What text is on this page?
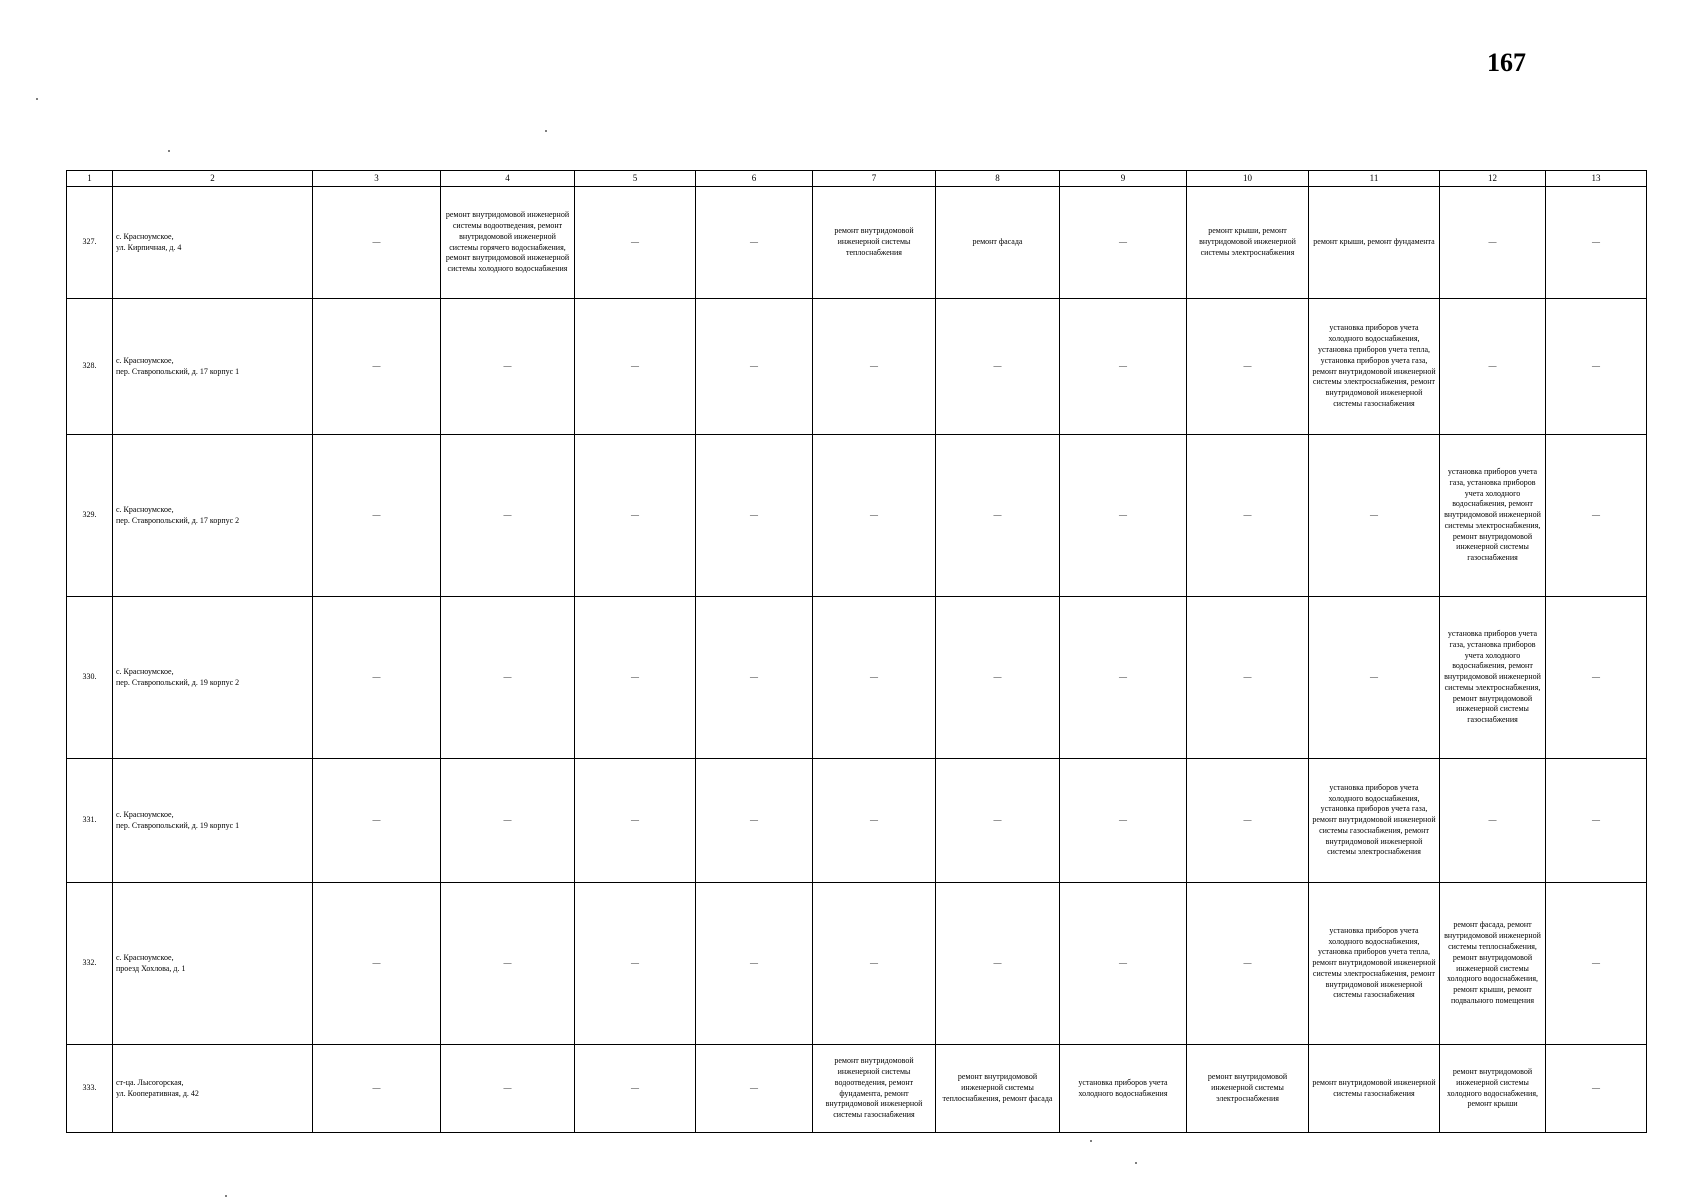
167
1	2	3	4	5	6	7	8	9	10	11	12	13
327.	с. Красноумское,
ул. Кирпичная, д. 4	—	ремонт внутридомовой инженерной системы водоотведения, ремонт внутридомовой инженерной системы горячего водоснабжения, ремонт внутридомовой инженерной системы холодного водоснабжения	—	—	ремонт внутридомовой инженерной системы теплоснабжения	ремонт фасада	—	ремонт крыши, ремонт внутридомовой инженерной системы электроснабжения	ремонт крыши, ремонт фундамента	—	—
328.	с. Красноумское,
пер. Ставропольский, д. 17 корпус 1	—	—	—	—	—	—	—	—	установка приборов учета холодного водоснабжения, установка приборов учета тепла, установка приборов учета газа, ремонт внутридомовой инженерной системы электроснабжения, ремонт внутридомовой инженерной системы газоснабжения	—	—
329.	с. Красноумское,
пер. Ставропольский, д. 17 корпус 2	—	—	—	—	—	—	—	—	—	установка приборов учета газа, установка приборов учета холодного водоснабжения, ремонт внутридомовой инженерной системы электроснабжения, ремонт внутридомовой инженерной системы газоснабжения	—
330.	с. Красноумское,
пер. Ставропольский, д. 19 корпус 2	—	—	—	—	—	—	—	—	—	установка приборов учета газа, установка приборов учета холодного водоснабжения, ремонт внутридомовой инженерной системы электроснабжения, ремонт внутридомовой инженерной системы газоснабжения	—
331.	с. Красноумское,
пер. Ставропольский, д. 19 корпус 1	—	—	—	—	—	—	—	—	установка приборов учета холодного водоснабжения, установка приборов учета газа, ремонт внутридомовой инженерной системы газоснабжения, ремонт внутридомовой инженерной системы электроснабжения	—	—
332.	с. Красноумское,
проезд Хохлова, д. 1	—	—	—	—	—	—	—	—	установка приборов учета холодного водоснабжения, установка приборов учета тепла, ремонт внутридомовой инженерной системы электроснабжения, ремонт внутридомовой инженерной системы газоснабжения	ремонт фасада, ремонт внутридомовой инженерной системы теплоснабжения, ремонт внутридомовой инженерной системы холодного водоснабжения, ремонт крыши, ремонт подвального помещения	—
333.	ст-ца. Лысогорская,
ул. Кооперативная, д. 42	—	—	—	—	ремонт внутридомовой инженерной системы водоотведения, ремонт фундамента, ремонт внутридомовой инженерной системы газоснабжения	ремонт внутридомовой инженерной системы теплоснабжения, ремонт фасада	установка приборов учета холодного водоснабжения	ремонт внутридомовой инженерной системы электроснабжения	ремонт внутридомовой инженерной системы газоснабжения	ремонт внутридомовой инженерной системы холодного водоснабжения, ремонт крыши	—
